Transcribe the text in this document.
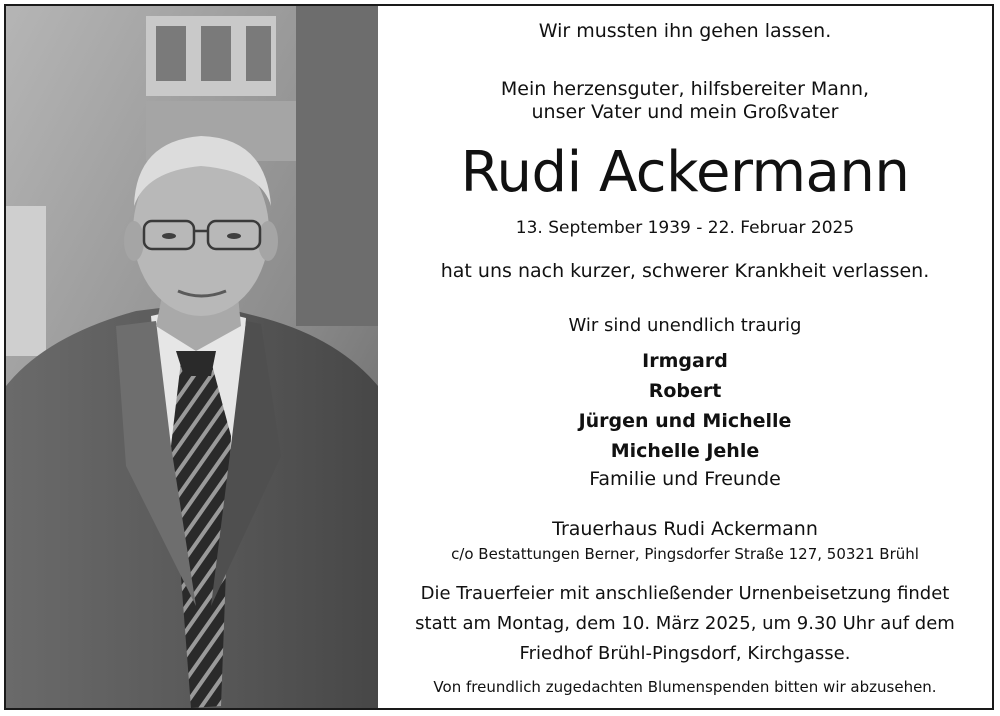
Wir mussten ihn gehen lassen.
Mein herzensguter, hilfsbereiter Mann,
unser Vater und mein Großvater
Rudi Ackermann
13. September 1939 - 22. Februar 2025
hat uns nach kurzer, schwerer Krankheit verlassen.
Wir sind unendlich traurig
Irmgard
Robert
Jürgen und Michelle
Michelle Jehle
Familie und Freunde
Trauerhaus Rudi Ackermann
c/o Bestattungen Berner, Pingsdorfer Straße 127, 50321 Brühl
Die Trauerfeier mit anschließender Urnenbeisetzung findet
statt am Montag, dem 10. März 2025, um 9.30 Uhr auf dem
Friedhof Brühl-Pingsdorf, Kirchgasse.
Von freundlich zugedachten Blumenspenden bitten wir abzusehen.
